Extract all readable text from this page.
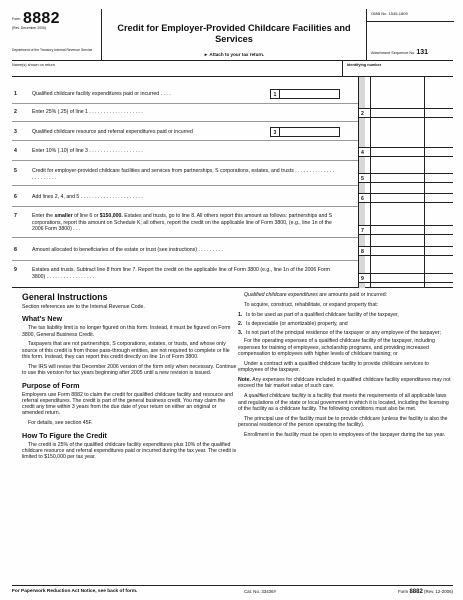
Form 8882
(Rev. December 2006)
Department of the Treasury Internal Revenue Service
Credit for Employer-Provided Childcare Facilities and Services
► Attach to your tax return.
OMB No. 1545-1809
Attachment Sequence No. 131
Name(s) shown on return	Identifying number
1	Qualified childcare facility expenditures paid or incurred . . . .	1
2	Enter 25% (.25) of line 1 . . . . . . . . . . . . . . . . . . .	2
3	Qualified childcare resource and referral expenditures paid or incurred	3
4	Enter 10% (.10) of line 3 . . . . . . . . . . . . . . . . . . .	4
5	Credit for employer-provided childcare facilities and services from partnerships, S corporations, estates, and trusts . . . . . . . . . . . . . . . . . . . . . . .	5
6	Add lines 2, 4, and 5 . . . . . . . . . . . . . . . . . . . . . .	6
7	Enter the smaller of line 6 or $150,000. Estates and trusts, go to line 8. All others report this amount as follows: partnerships and S corporations, report this amount on Schedule K; all others, report the credit on the applicable line of Form 3800, (e.g., line 1n of the 2006 Form 3800) . . .	7
8	Amount allocated to beneficiaries of the estate or trust (see instructions) . . . . . . . . .	8
9	Estates and trusts. Subtract line 8 from line 7. Report the credit on the applicable line of Form 3800 (e.g., line 1n of the 2006 Form 3800) . . . . . . . . . . . . . . . . .	9
General Instructions
Section references are to the Internal Revenue Code.
What's New
The tax liability limit is no longer figured on this form. Instead, it must be figured on Form 3800, General Business Credit.
Taxpayers that are not partnerships, S corporations, estates, or trusts, and whose only source of this credit is from those pass-through entities, are not required to complete or file this form. Instead, they can report this credit directly on line 1n of Form 3800.
The IRS will revise this December 2006 version of the form only when necessary. Continue to use this version for tax years beginning after 2005 until a new revision is issued.
Purpose of Form
Employers use Form 8882 to claim the credit for qualified childcare facility and resource and referral expenditures. The credit is part of the general business credit. You may claim the credit any time within 3 years from the due date of your return on either an original or amended return.
For details, see section 45F.
How To Figure the Credit
The credit is 25% of the qualified childcare facility expenditures plus 10% of the qualified childcare resource and referral expenditures paid or incurred during the tax year. The credit is limited to $150,000 per tax year.
Qualified childcare expenditures are amounts paid or incurred:
To acquire, construct, rehabilitate, or expand property that:
1. Is to be used as part of a qualified childcare facility of the taxpayer,
2. Is depreciable (or amortizable) property, and
3. Is not part of the principal residence of the taxpayer or any employee of the taxpayer;
For the operating expenses of a qualified childcare facility of the taxpayer, including expenses for training of employees, scholarship programs, and providing increased compensation to employees with higher levels of childcare training; or
Under a contract with a qualified childcare facility to provide childcare services to employees of the taxpayer.
Note. Any expenses for childcare included in qualified childcare facility expenditures may not exceed the fair market value of such care.
A qualified childcare facility is a facility that meets the requirements of all applicable laws and regulations of the state or local government in which it is located, including the licensing of the facility as a childcare facility. The following conditions must also be met.
The principal use of the facility must be to provide childcare (unless the facility is also the personal residence of the person operating the facility).
Enrollment in the facility must be open to employees of the taxpayer during the tax year.
For Paperwork Reduction Act Notice, see back of form.	Cat. No. 33436Y	Form 8882 (Rev. 12-2006)
